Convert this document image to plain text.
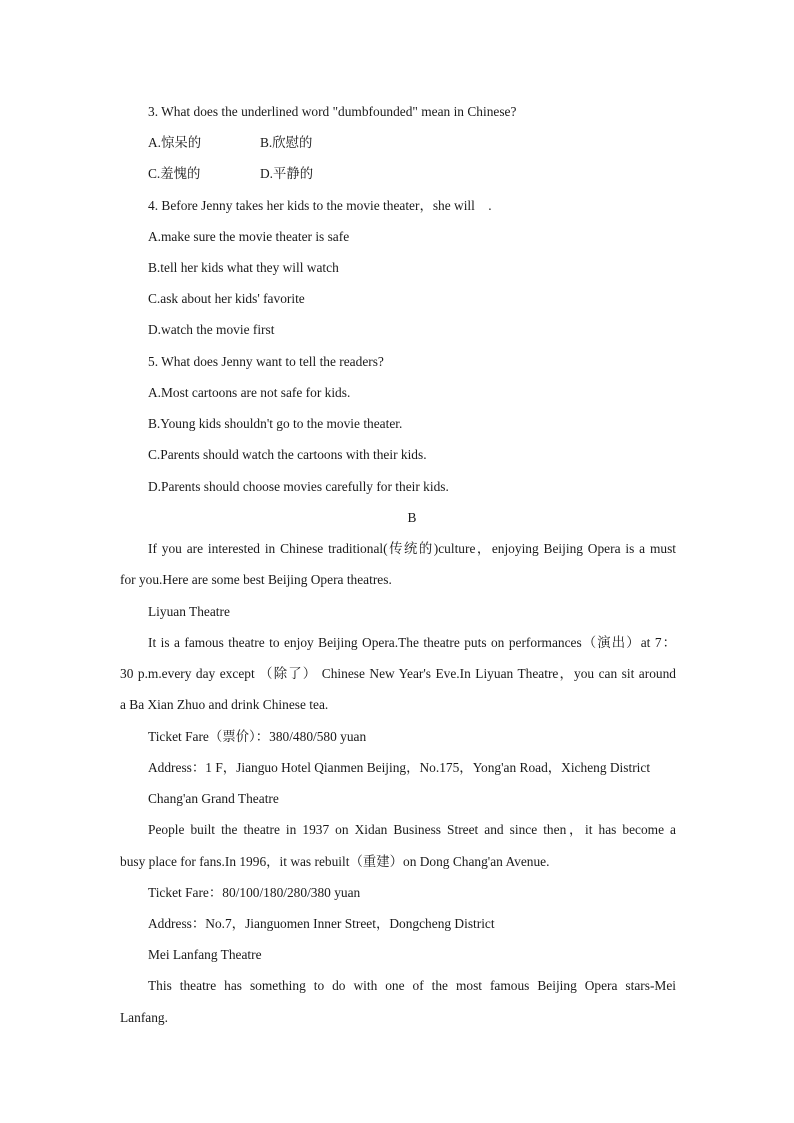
3. What does the underlined word "dumbfounded" mean in Chinese?
A.惊呆的	B.欣慰的
C.羞愧的	D.平静的
4. Before Jenny takes her kids to the movie theater，she will    .
A.make sure the movie theater is safe
B.tell her kids what they will watch
C.ask about her kids' favorite
D.watch the movie first
5. What does Jenny want to tell the readers?
A.Most cartoons are not safe for kids.
B.Young kids shouldn't go to the movie theater.
C.Parents should watch the cartoons with their kids.
D.Parents should choose movies carefully for their kids.
B
If you are interested in Chinese traditional(传统的)culture，enjoying Beijing Opera is a must
for you.Here are some best Beijing Opera theatres.
Liyuan Theatre
It is a famous theatre to enjoy Beijing Opera.The theatre puts on performances（演出）at 7：
30 p.m.every day except （除了） Chinese New Year's Eve.In Liyuan Theatre，you can sit around
a Ba Xian Zhuo and drink Chinese tea.
Ticket Fare（票价）：380/480/580 yuan
Address：1 F，Jianguo Hotel Qianmen Beijing，No.175，Yong'an Road，Xicheng District
Chang'an Grand Theatre
People built the theatre in 1937 on Xidan Business Street and since then，it has become a
busy place for fans.In 1996，it was rebuilt（重建）on Dong Chang'an Avenue.
Ticket Fare：80/100/180/280/380 yuan
Address：No.7，Jianguomen Inner Street，Dongcheng District
Mei Lanfang Theatre
This theatre has something to do with one of the most famous Beijing Opera stars-Mei
Lanfang.
